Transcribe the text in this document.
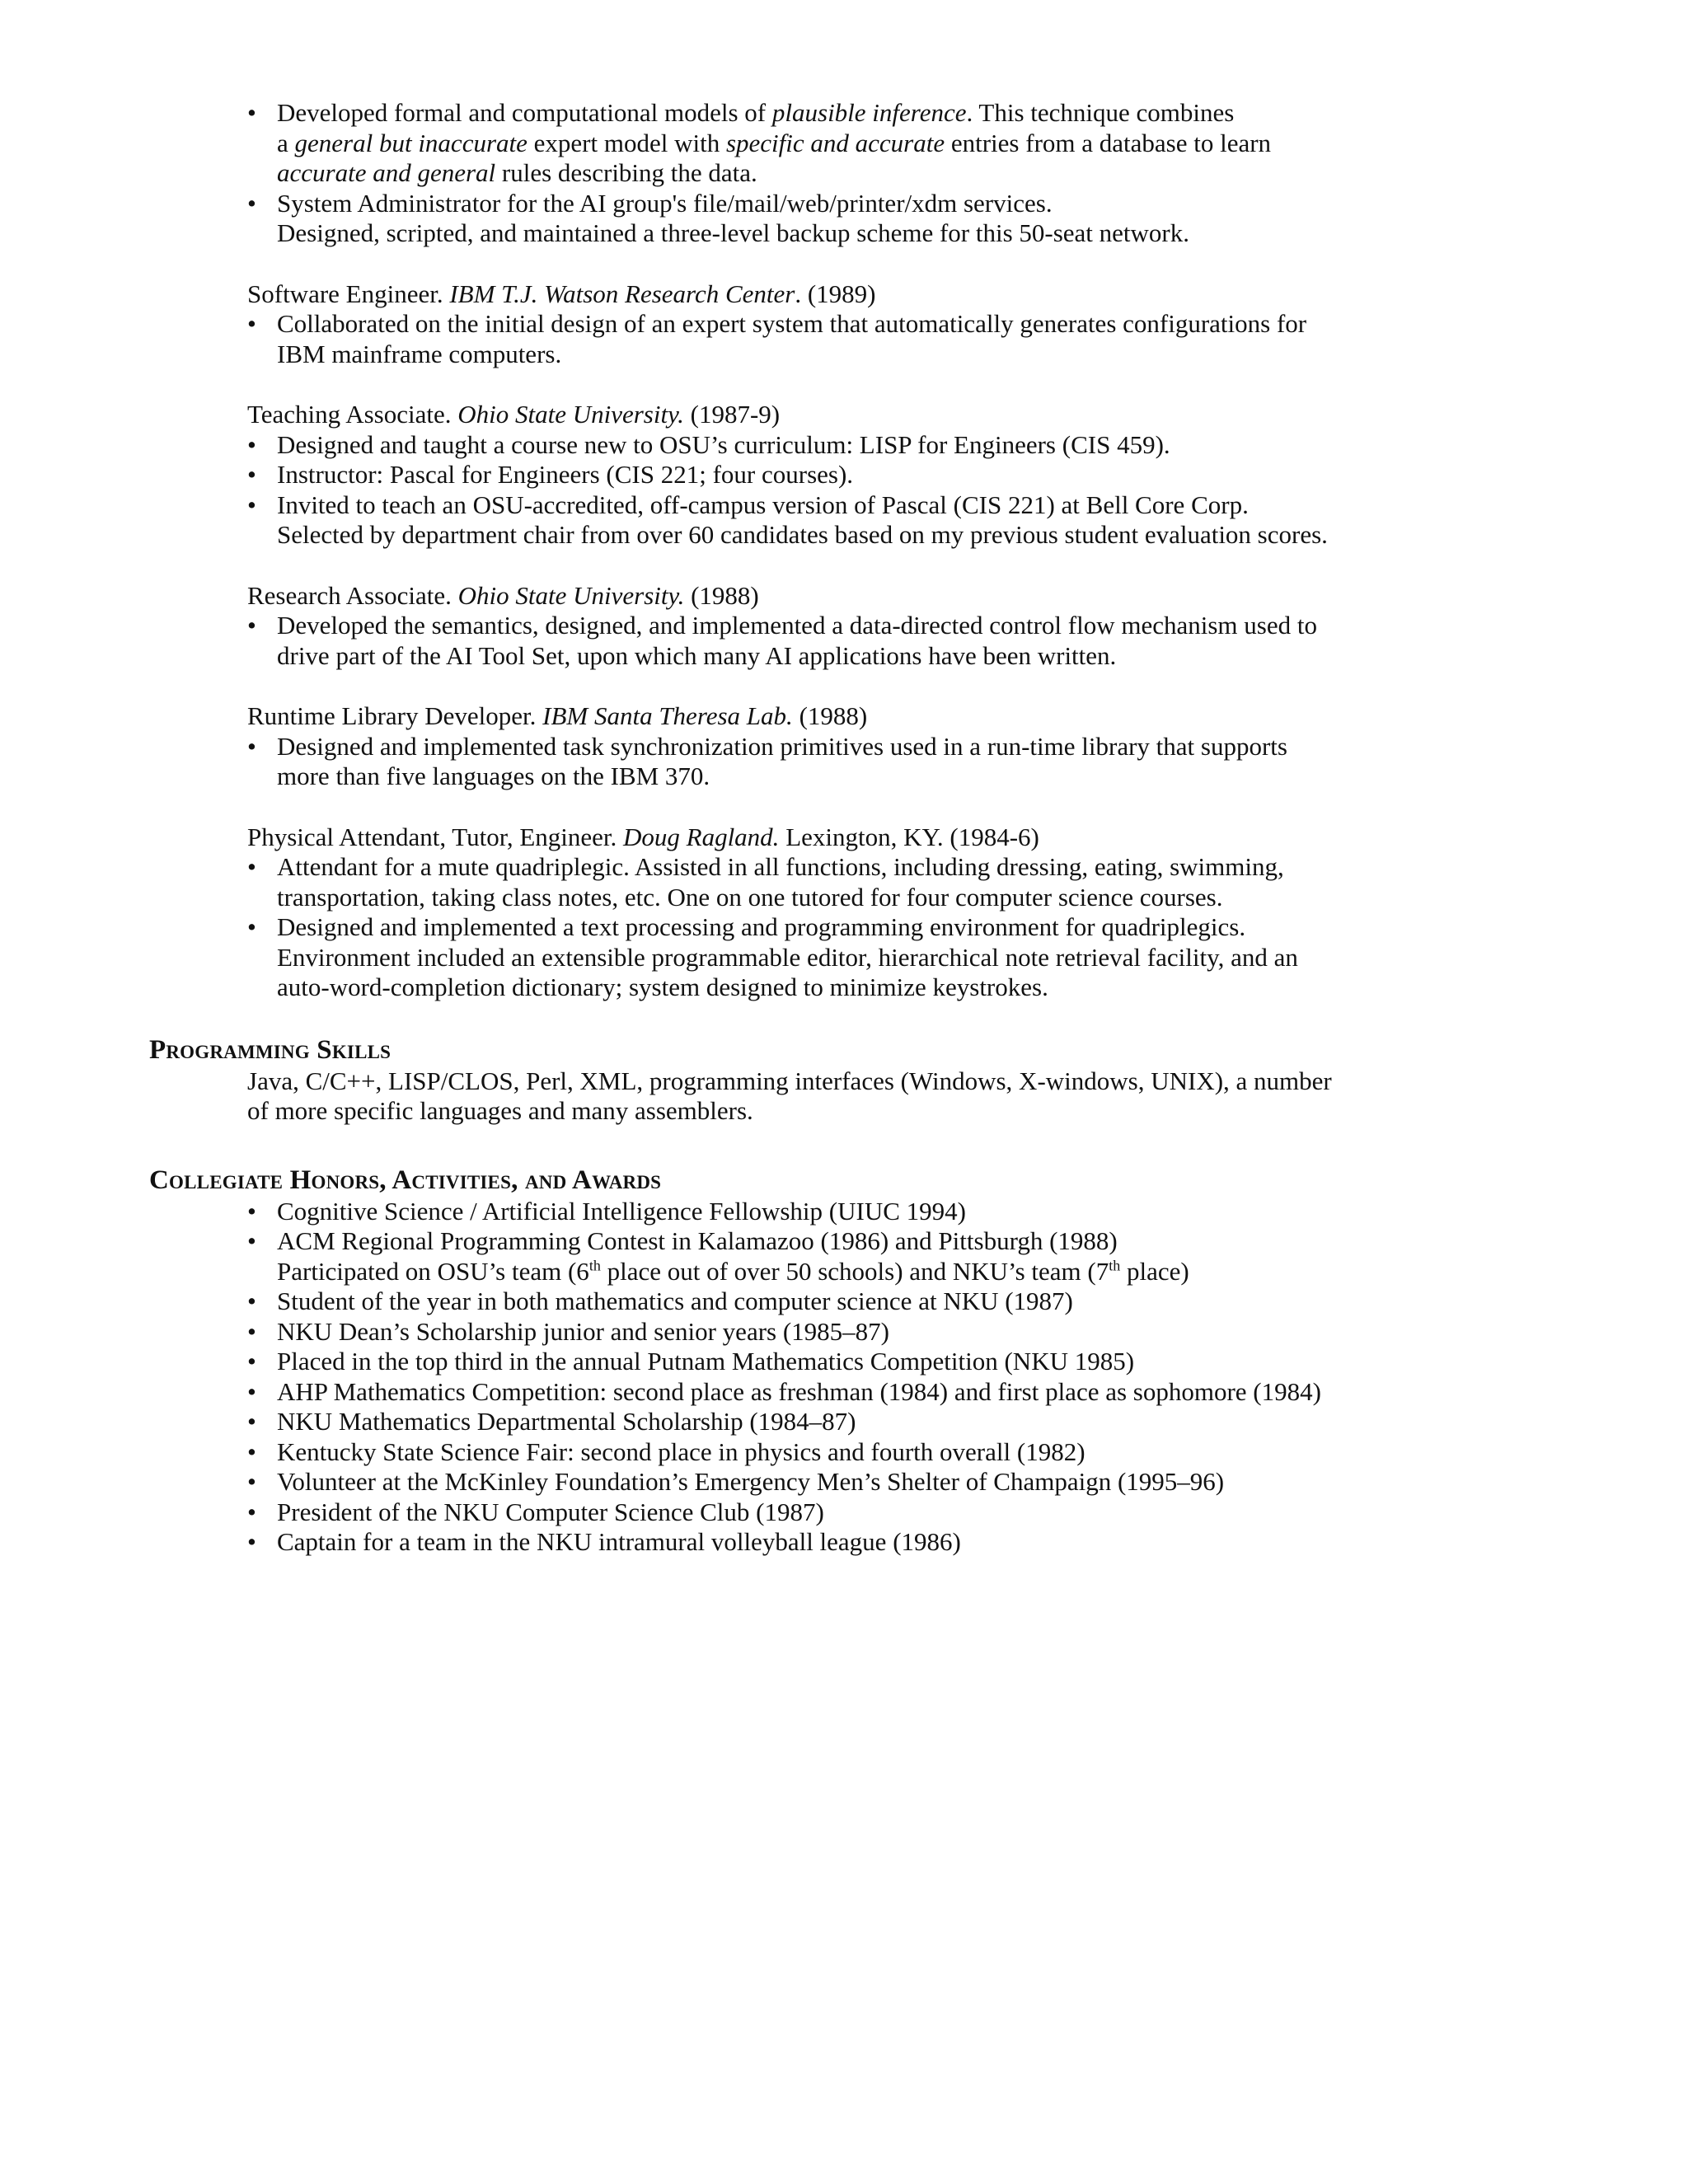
• Developed formal and computational models of plausible inference. This technique combines
a general but inaccurate expert model with specific and accurate entries from a database to learn
accurate and general rules describing the data.
• System Administrator for the AI group's file/mail/web/printer/xdm services.
Designed, scripted, and maintained a three-level backup scheme for this 50-seat network.
Software Engineer. IBM T.J. Watson Research Center. (1989)
• Collaborated on the initial design of an expert system that automatically generates configurations for
IBM mainframe computers.
Teaching Associate. Ohio State University. (1987-9)
• Designed and taught a course new to OSU’s curriculum: LISP for Engineers (CIS 459).
• Instructor: Pascal for Engineers (CIS 221; four courses).
• Invited to teach an OSU-accredited, off-campus version of Pascal (CIS 221) at Bell Core Corp.
Selected by department chair from over 60 candidates based on my previous student evaluation scores.
Research Associate. Ohio State University. (1988)
• Developed the semantics, designed, and implemented a data-directed control flow mechanism used to
drive part of the AI Tool Set, upon which many AI applications have been written.
Runtime Library Developer. IBM Santa Theresa Lab. (1988)
• Designed and implemented task synchronization primitives used in a run-time library that supports
more than five languages on the IBM 370.
Physical Attendant, Tutor, Engineer. Doug Ragland. Lexington, KY. (1984-6)
• Attendant for a mute quadriplegic. Assisted in all functions, including dressing, eating, swimming,
transportation, taking class notes, etc. One on one tutored for four computer science courses.
• Designed and implemented a text processing and programming environment for quadriplegics.
Environment included an extensible programmable editor, hierarchical note retrieval facility, and an
auto-word-completion dictionary; system designed to minimize keystrokes.
Programming Skills
Java, C/C++, LISP/CLOS, Perl, XML, programming interfaces (Windows, X-windows, UNIX), a number
of more specific languages and many assemblers.
Collegiate Honors, Activities, and Awards
• Cognitive Science / Artificial Intelligence Fellowship (UIUC 1994)
• ACM Regional Programming Contest in Kalamazoo (1986) and Pittsburgh (1988)
Participated on OSU’s team (6th place out of over 50 schools) and NKU’s team (7th place)
• Student of the year in both mathematics and computer science at NKU (1987)
• NKU Dean’s Scholarship junior and senior years (1985–87)
• Placed in the top third in the annual Putnam Mathematics Competition (NKU 1985)
• AHP Mathematics Competition: second place as freshman (1984) and first place as sophomore (1984)
• NKU Mathematics Departmental Scholarship (1984–87)
• Kentucky State Science Fair: second place in physics and fourth overall (1982)
• Volunteer at the McKinley Foundation’s Emergency Men’s Shelter of Champaign (1995–96)
• President of the NKU Computer Science Club (1987)
• Captain for a team in the NKU intramural volleyball league (1986)
